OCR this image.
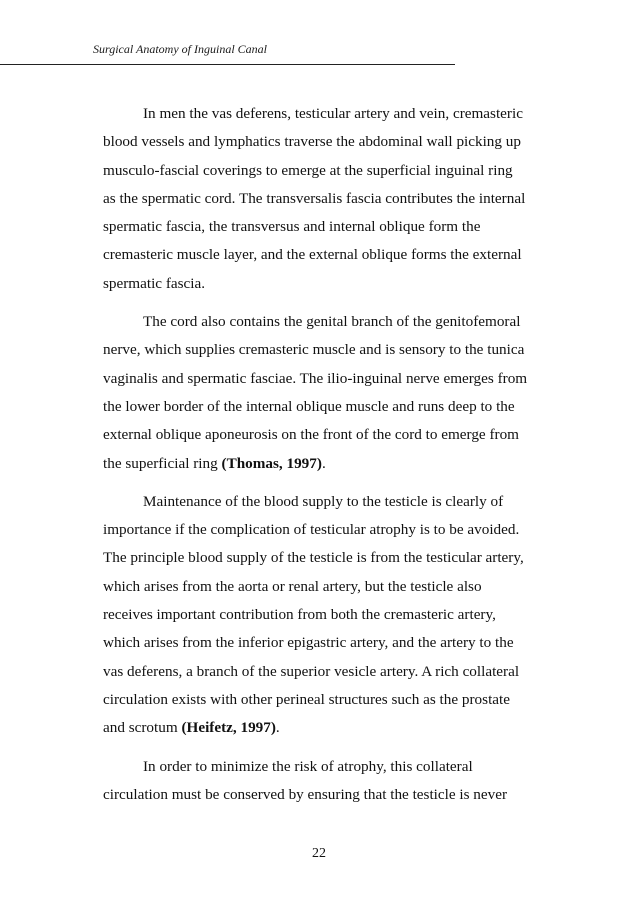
Surgical Anatomy of Inguinal Canal
In men the vas deferens, testicular artery and vein, cremasteric
blood vessels and lymphatics traverse the abdominal wall picking up
musculo-fascial coverings to emerge at the superficial inguinal ring
as the spermatic cord. The transversalis fascia contributes the internal
spermatic fascia, the transversus and internal oblique form the
cremasteric muscle layer, and the external oblique forms the external
spermatic fascia.
The cord also contains the genital branch of the genitofemoral
nerve, which supplies cremasteric muscle and is sensory to the tunica
vaginalis and spermatic fasciae. The ilio-inguinal nerve emerges from
the lower border of the internal oblique muscle and runs deep to the
external oblique aponeurosis on the front of the cord to emerge from
the superficial ring (Thomas, 1997).
Maintenance of the blood supply to the testicle is clearly of
importance if the complication of testicular atrophy is to be avoided.
The principle blood supply of the testicle is from the testicular artery,
which arises from the aorta or renal artery, but the testicle also
receives important contribution from both the cremasteric artery,
which arises from the inferior epigastric artery, and the artery to the
vas deferens, a branch of the superior vesicle artery. A rich collateral
circulation exists with other perineal structures such as the prostate
and scrotum (Heifetz, 1997).
In order to minimize the risk of atrophy, this collateral
circulation must be conserved by ensuring that the testicle is never
22
